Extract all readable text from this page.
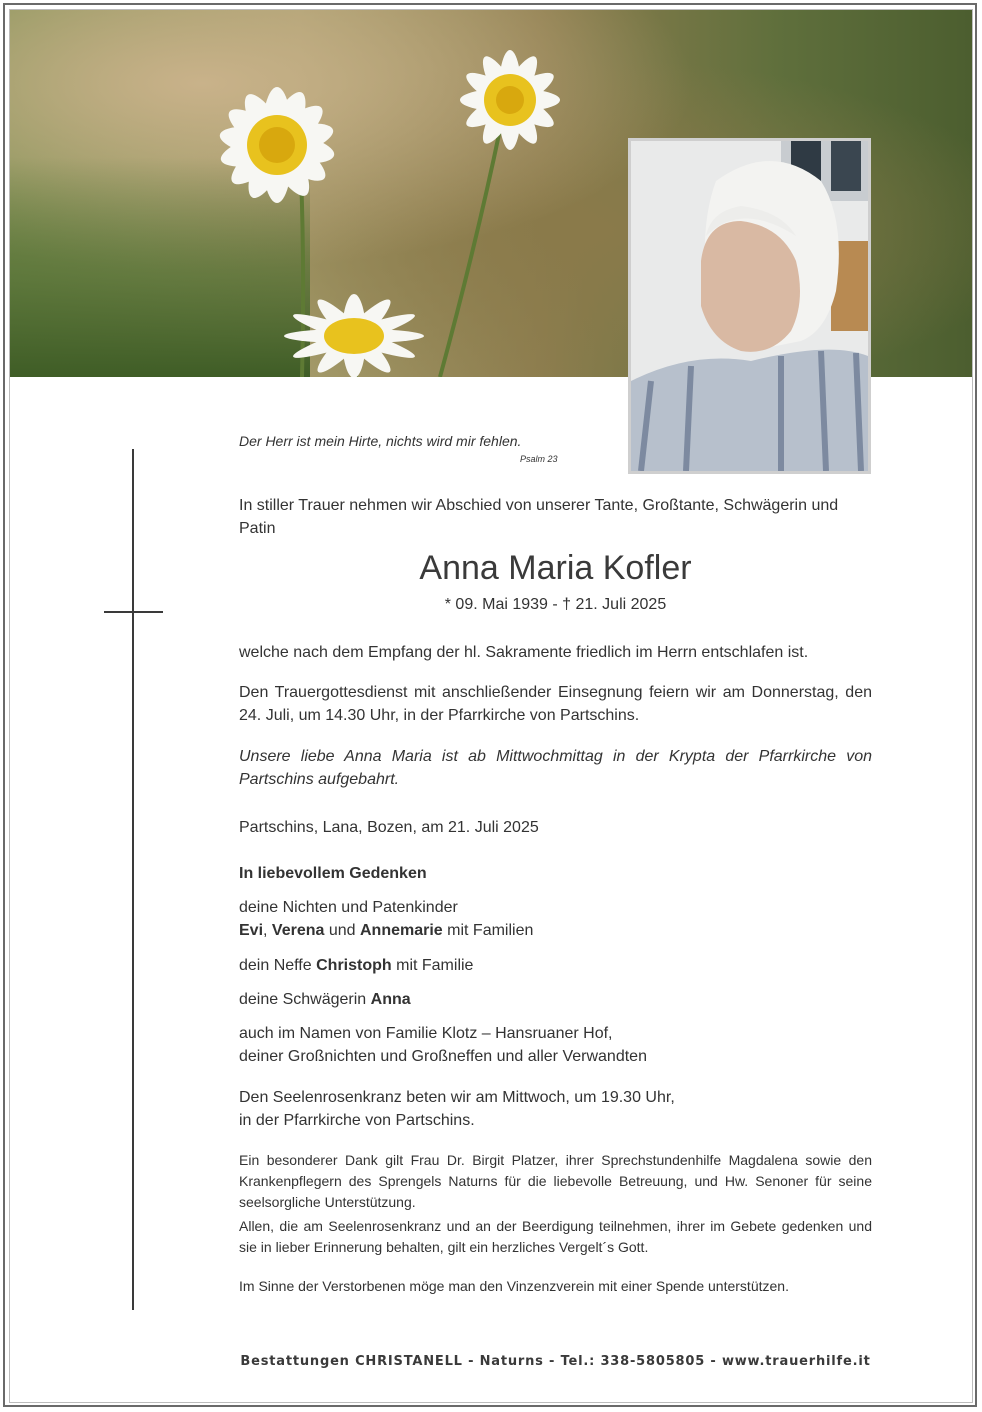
Der Herr ist mein Hirte, nichts wird mir fehlen.
Psalm 23
In stiller Trauer nehmen wir Abschied von unserer Tante, Großtante, Schwägerin und Patin
Anna Maria Kofler
* 09. Mai 1939 - † 21. Juli 2025
welche nach dem Empfang der hl. Sakramente friedlich im Herrn entschlafen ist.
Den Trauergottesdienst mit anschließender Einsegnung feiern wir am Donnerstag, den 24. Juli, um 14.30 Uhr, in der Pfarrkirche von Partschins.
Unsere liebe Anna Maria ist ab Mittwochmittag in der Krypta der Pfarrkirche von Partschins aufgebahrt.
Partschins, Lana, Bozen, am 21. Juli 2025
In liebevollem Gedenken
deine Nichten und Patenkinder
Evi, Verena und Annemarie mit Familien
dein Neffe Christoph mit Familie
deine Schwägerin Anna
auch im Namen von Familie Klotz – Hansruaner Hof,
deiner Großnichten und Großneffen und aller Verwandten
Den Seelenrosenkranz beten wir am Mittwoch, um 19.30 Uhr,
in der Pfarrkirche von Partschins.
Ein besonderer Dank gilt Frau Dr. Birgit Platzer, ihrer Sprechstundenhilfe Magdalena sowie den Krankenpflegern des Sprengels Naturns für die liebevolle Betreuung, und Hw. Senoner für seine seelsorgliche Unterstützung.
Allen, die am Seelenrosenkranz und an der Beerdigung teilnehmen, ihrer im Gebete gedenken und sie in lieber Erinnerung behalten, gilt ein herzliches Vergelt´s Gott.
Im Sinne der Verstorbenen möge man den Vinzenzverein mit einer Spende unterstützen.
Bestattungen CHRISTANELL - Naturns - Tel.: 338-5805805 - www.trauerhilfe.it
